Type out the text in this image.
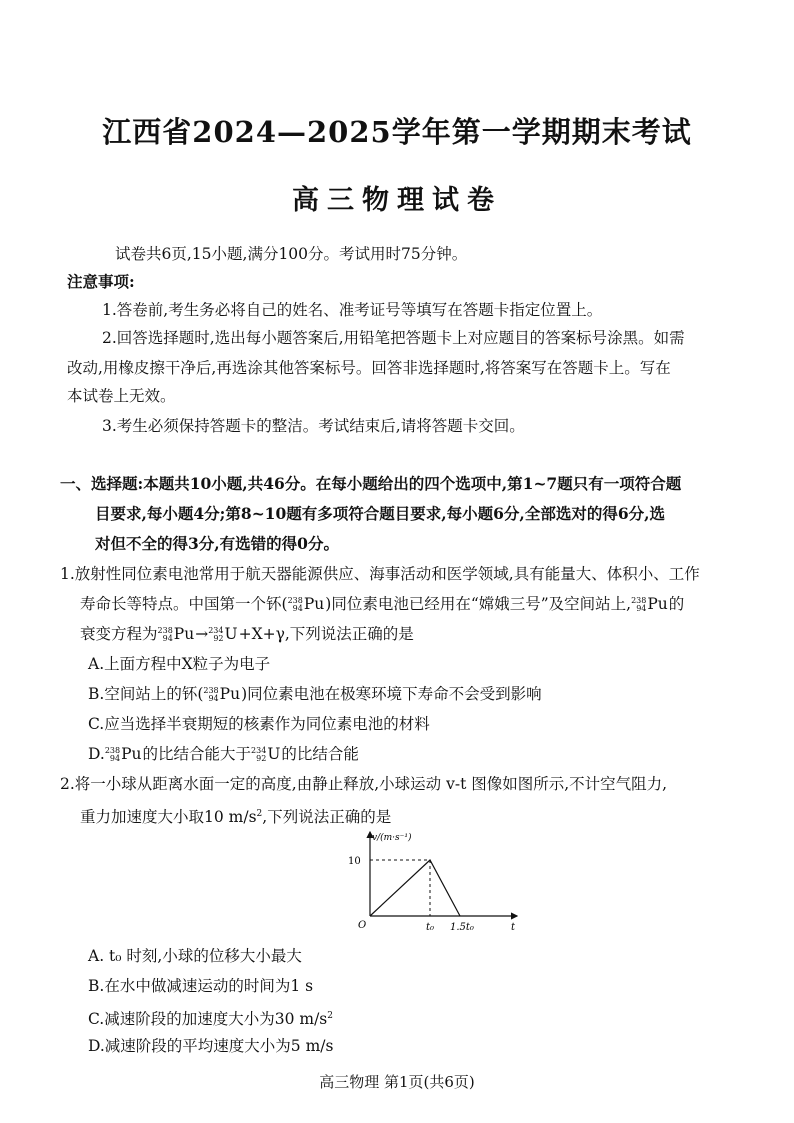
江西省2024—2025学年第一学期期末考试
高三物理试卷
试卷共6页,15小题,满分100分。考试用时75分钟。
注意事项:
1.答卷前,考生务必将自己的姓名、准考证号等填写在答题卡指定位置上。
2.回答选择题时,选出每小题答案后,用铅笔把答题卡上对应题目的答案标号涂黑。如需
改动,用橡皮擦干净后,再选涂其他答案标号。回答非选择题时,将答案写在答题卡上。写在
本试卷上无效。
3.考生必须保持答题卡的整洁。考试结束后,请将答题卡交回。
一、选择题:本题共10小题,共46分。在每小题给出的四个选项中,第1~7题只有一项符合题
目要求,每小题4分;第8~10题有多项符合题目要求,每小题6分,全部选对的得6分,选
对但不全的得3分,有选错的得0分。
1.放射性同位素电池常用于航天器能源供应、海事活动和医学领域,具有能量大、体积小、工作
寿命长等特点。中国第一个钚( 238
94 Pu)同位素电池已经用在“嫦娥三号”及空间站上, 238
94 Pu的
衰变方程为 238
94 Pu→ 234
92 U+X+γ,下列说法正确的是
A.上面方程中X粒子为电子
B.空间站上的钚( 238
94 Pu)同位素电池在极寒环境下寿命不会受到影响
C.应当选择半衰期短的核素作为同位素电池的材料
D. 238
94 Pu的比结合能大于 234
92 U的比结合能
2.将一小球从距离水面一定的高度,由静止释放,小球运动 v-t 图像如图所示,不计空气阻力,
重力加速度大小取10 $m/s^2$,下列说法正确的是
10
O	t₀ 1.5t₀	t
v/(m·s⁻¹)
A. t₀ 时刻,小球的位移大小最大
B.在水中做减速运动的时间为1 s
C.减速阶段的加速度大小为30 $m/s^2$
D.减速阶段的平均速度大小为5 m/s
高三物理 第1页(共6页)
